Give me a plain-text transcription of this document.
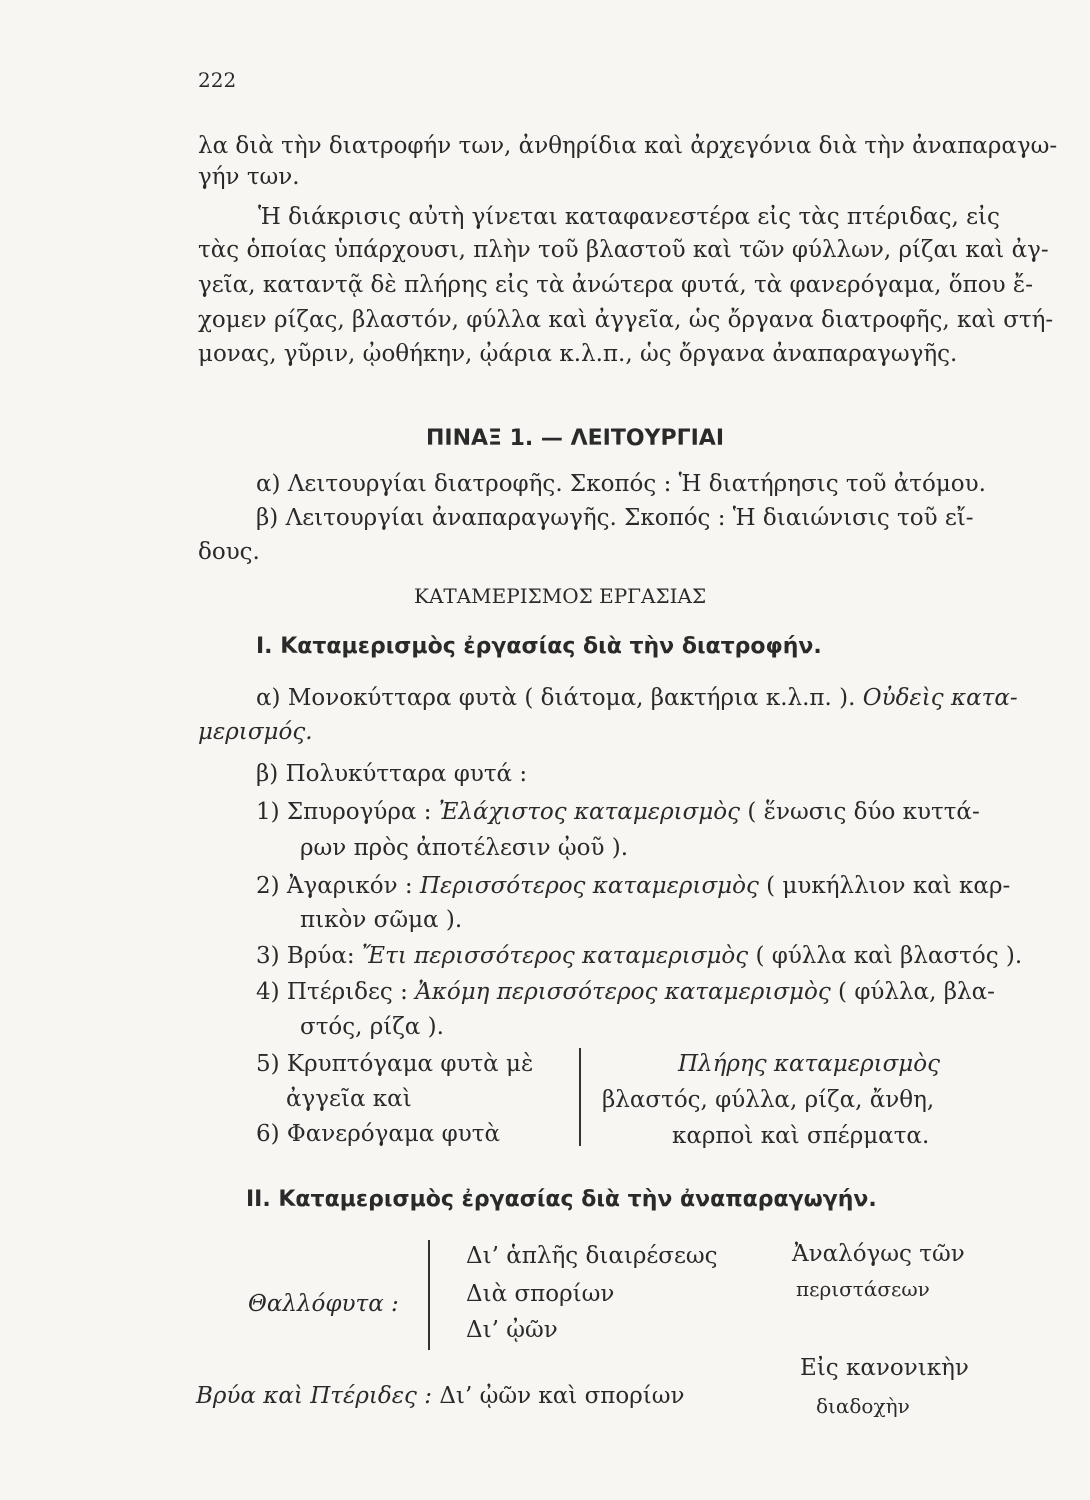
222
λα διὰ τὴν διατροφήν των, ἀνθηρίδια καὶ ἀρχεγόνια διὰ τὴν ἀναπαραγω-
γήν των.
Ἡ διάκρισις αὐτὴ γίνεται καταφανεστέρα εἰς τὰς πτέριδας, εἰς
τὰς ὁποίας ὑπάρχουσι, πλὴν τοῦ βλαστοῦ καὶ τῶν φύλλων, ρίζαι καὶ ἀγ-
γεῖα, καταντᾷ δὲ πλήρης εἰς τὰ ἀνώτερα φυτά, τὰ φανερόγαμα, ὅπου ἔ-
χομεν ρίζας, βλαστόν, φύλλα καὶ ἀγγεῖα, ὡς ὄργανα διατροφῆς, καὶ στή-
μονας, γῦριν, ᾠοθήκην, ᾠάρια κ.λ.π., ὡς ὄργανα ἀναπαραγωγῆς.
ΠΙΝΑΞ 1. — ΛΕΙΤΟΥΡΓΙΑΙ
α) Λειτουργίαι διατροφῆς. Σκοπός : Ἡ διατήρησις τοῦ ἀτόμου.
β) Λειτουργίαι ἀναπαραγωγῆς. Σκοπός : Ἡ διαιώνισις τοῦ εἴ-
δους.
ΚΑΤΑΜΕΡΙΣΜΟΣ ΕΡΓΑΣΙΑΣ
I. Καταμερισμὸς ἐργασίας διὰ τὴν διατροφήν.
α) Μονοκύτταρα φυτὰ ( διάτομα, βακτήρια κ.λ.π. ). Οὐδεὶς κατα-
μερισμός.
β) Πολυκύτταρα φυτά :
1) Σπυρογύρα : Ἐλάχιστος καταμερισμὸς ( ἕνωσις δύο κυττά-
ρων πρὸς ἀποτέλεσιν ᾠοῦ ).
2) Ἀγαρικόν : Περισσότερος καταμερισμὸς ( μυκήλλιον καὶ καρ-
πικὸν σῶμα ).
3) Βρύα: Ἔτι περισσότερος καταμερισμὸς ( φύλλα καὶ βλαστός ).
4) Πτέριδες : Ἀκόμη περισσότερος καταμερισμὸς ( φύλλα, βλα-
στός, ρίζα ).
5) Κρυπτόγαμα φυτὰ μὲ
ἀγγεῖα καὶ
6) Φανερόγαμα φυτὰ
Πλήρης καταμερισμὸς
βλαστός, φύλλα, ρίζα, ἄνθη,
καρποὶ καὶ σπέρματα.
II. Καταμερισμὸς ἐργασίας διὰ τὴν ἀναπαραγωγήν.
Θαλλόφυτα :
Δι’ ἁπλῆς διαιρέσεως
Διὰ σπορίων
Δι’ ᾠῶν
Ἀναλόγως τῶν
περιστάσεων
Εἰς κανονικὴν
διαδοχὴν
Βρύα καὶ Πτέριδες : Δι’ ᾠῶν καὶ σπορίων
